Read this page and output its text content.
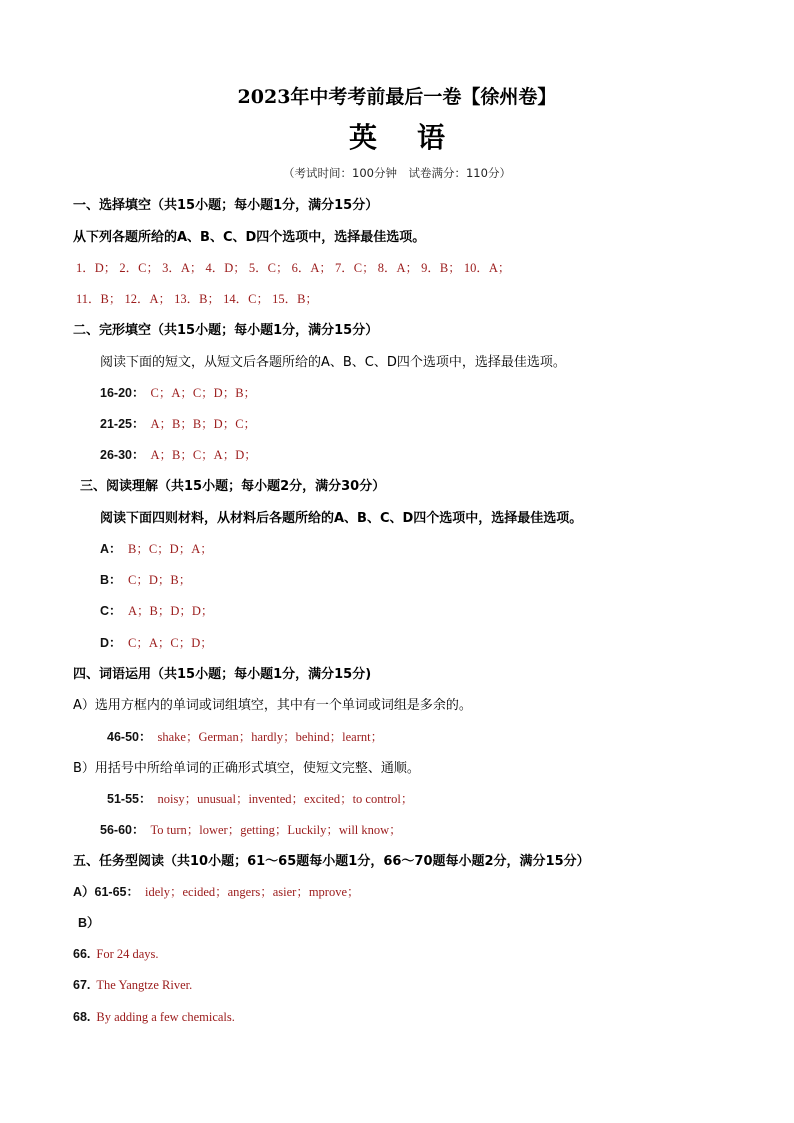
2023年中考考前最后一卷【徐州卷】
英语
（考试时间：100分钟　试卷满分：110分）
一、选择填空（共15小题；每小题1分，满分15分）
从下列各题所给的A、B、C、D四个选项中，选择最佳选项。
1．D； 2．C； 3．A； 4．D； 5．C； 6．A； 7．C； 8．A； 9．B； 10．A；
11．B； 12．A； 13．B； 14．C； 15．B；
二、完形填空（共15小题；每小题1分，满分15分）
阅读下面的短文，从短文后各题所给的A、B、C、D四个选项中，选择最佳选项。
16-20： C；A；C；D；B；
21-25： A；B；B；D；C；
26-30： A；B；C；A；D；
三、阅读理解（共15小题；每小题2分，满分30分）
阅读下面四则材料，从材料后各题所给的A、B、C、D四个选项中，选择最佳选项。
A： B；C；D；A；
B： C；D；B；
C： A；B；D；D；
D： C；A；C；D；
四、词语运用（共15小题；每小题1分，满分15分)
A）选用方框内的单词或词组填空，其中有一个单词或词组是多余的。
46-50： shake；German；hardly；behind；learnt；
B）用括号中所给单词的正确形式填空，使短文完整、通顺。
51-55： noisy；unusual；invented；excited；to control；
56-60： To turn；lower；getting；Luckily；will know；
五、任务型阅读（共10小题；61～65题每小题1分，66～70题每小题2分，满分15分）
A）61-65： idely；ecided；angers；asier；mprove；
B）
66. For 24 days.
67. The Yangtze River.
68. By adding a few chemicals.
